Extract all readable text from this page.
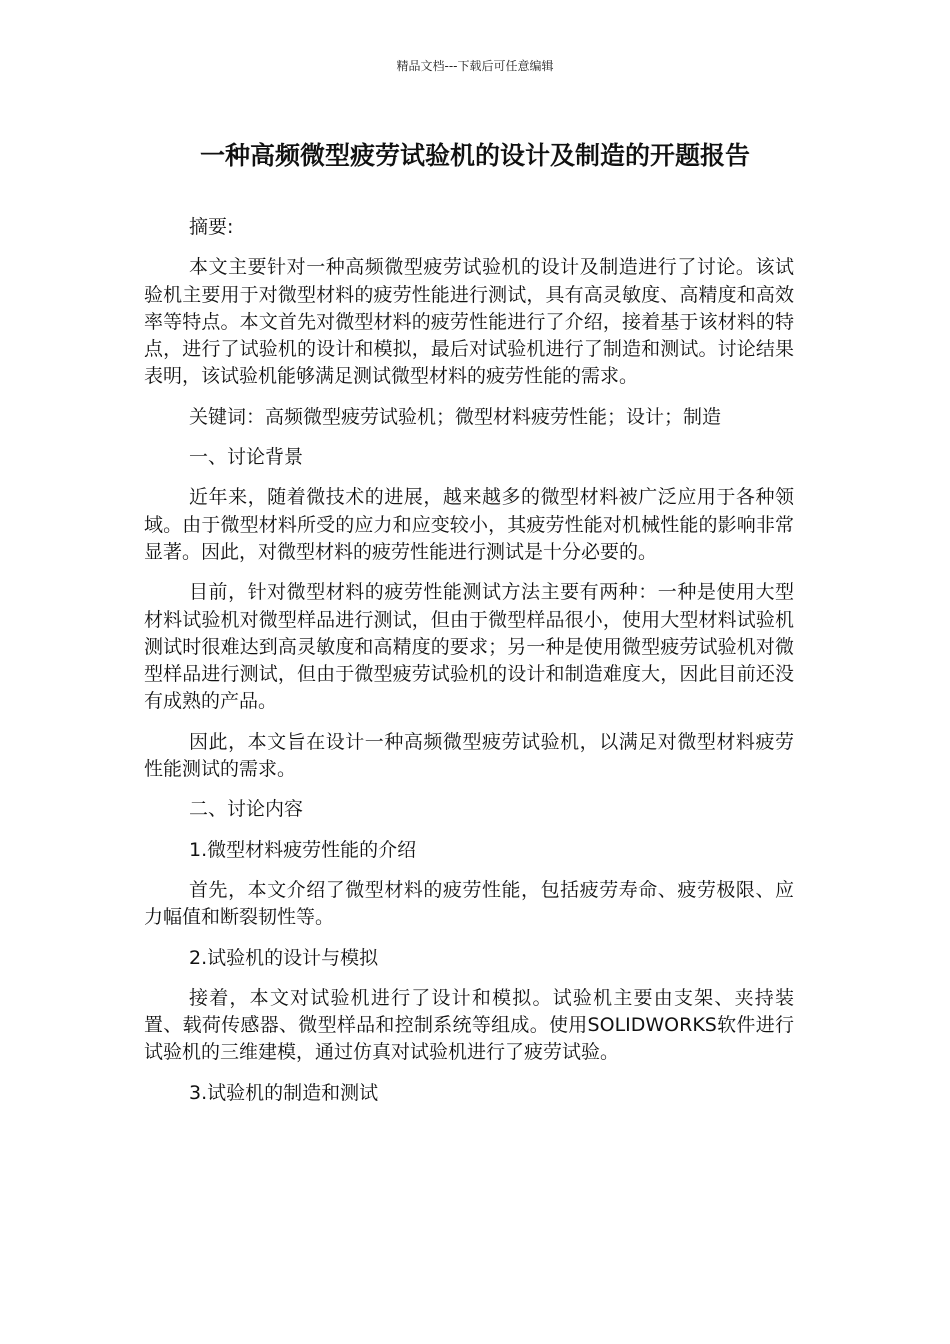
精品文档---下载后可任意编辑
一种高频微型疲劳试验机的设计及制造的开题报告

摘要:

本文主要针对一种高频微型疲劳试验机的设计及制造进行了讨论。该试验机主要用于对微型材料的疲劳性能进行测试，具有高灵敏度、高精度和高效率等特点。本文首先对微型材料的疲劳性能进行了介绍，接着基于该材料的特点，进行了试验机的设计和模拟，最后对试验机进行了制造和测试。讨论结果表明，该试验机能够满足测试微型材料的疲劳性能的需求。

关键词：高频微型疲劳试验机；微型材料疲劳性能；设计；制造

一、讨论背景

近年来，随着微技术的进展，越来越多的微型材料被广泛应用于各种领域。由于微型材料所受的应力和应变较小，其疲劳性能对机械性能的影响非常显著。因此，对微型材料的疲劳性能进行测试是十分必要的。

目前，针对微型材料的疲劳性能测试方法主要有两种：一种是使用大型材料试验机对微型样品进行测试，但由于微型样品很小，使用大型材料试验机测试时很难达到高灵敏度和高精度的要求；另一种是使用微型疲劳试验机对微型样品进行测试，但由于微型疲劳试验机的设计和制造难度大，因此目前还没有成熟的产品。

因此，本文旨在设计一种高频微型疲劳试验机，以满足对微型材料疲劳性能测试的需求。

二、讨论内容

1.微型材料疲劳性能的介绍

首先，本文介绍了微型材料的疲劳性能，包括疲劳寿命、疲劳极限、应力幅值和断裂韧性等。

2.试验机的设计与模拟

接着，本文对试验机进行了设计和模拟。试验机主要由支架、夹持装置、载荷传感器、微型样品和控制系统等组成。使用SOLIDWORKS软件进行试验机的三维建模，通过仿真对试验机进行了疲劳试验。

3.试验机的制造和测试
